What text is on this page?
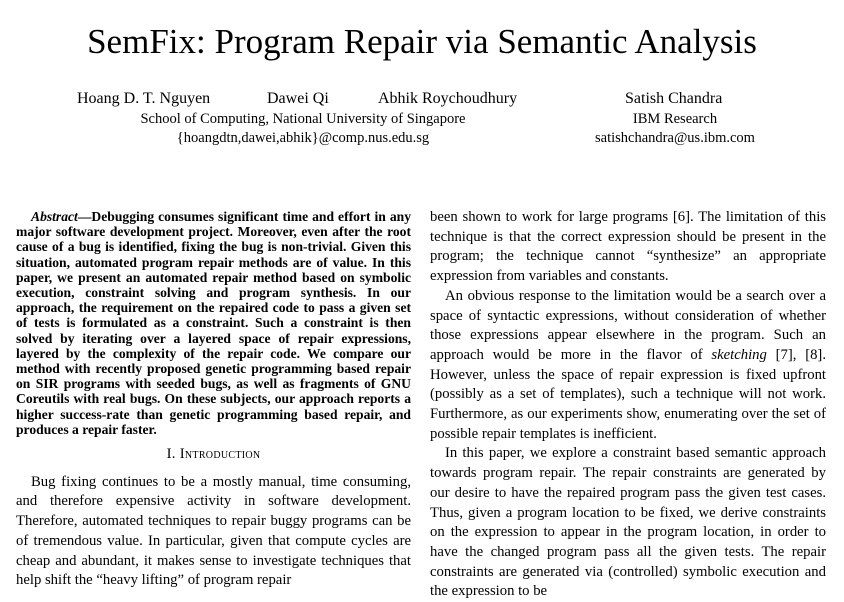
SemFix: Program Repair via Semantic Analysis
Hoang D. T. Nguyen	Dawei Qi	Abhik Roychoudhury	Satish Chandra
School of Computing, National University of Singapore
{hoangdtn,dawei,abhik}@comp.nus.edu.sg
IBM Research
satishchandra@us.ibm.com

Abstract—Debugging consumes significant time and effort in any major software development project. Moreover, even after the root cause of a bug is identified, fixing the bug is non-trivial. Given this situation, automated program repair methods are of value. In this paper, we present an automated repair method based on symbolic execution, constraint solving and program synthesis. In our approach, the requirement on the repaired code to pass a given set of tests is formulated as a constraint. Such a constraint is then solved by iterating over a layered space of repair expressions, layered by the complexity of the repair code. We compare our method with recently proposed genetic programming based repair on SIR programs with seeded bugs, as well as fragments of GNU Coreutils with real bugs. On these subjects, our approach reports a higher success-rate than genetic programming based repair, and produces a repair faster.

I. Introduction

Bug fixing continues to be a mostly manual, time consuming, and therefore expensive activity in software development. Therefore, automated techniques to repair buggy programs can be of tremendous value. In particular, given that compute cycles are cheap and abundant, it makes sense to investigate techniques that help shift the “heavy lifting” of program repair

been shown to work for large programs [6]. The limitation of this technique is that the correct expression should be present in the program; the technique cannot “synthesize” an appropriate expression from variables and constants.

An obvious response to the limitation would be a search over a space of syntactic expressions, without consideration of whether those expressions appear elsewhere in the program. Such an approach would be more in the flavor of sketching [7], [8]. However, unless the space of repair expression is fixed upfront (possibly as a set of templates), such a technique will not work. Furthermore, as our experiments show, enumerating over the set of possible repair templates is inefficient.

In this paper, we explore a constraint based semantic approach towards program repair. The repair constraints are generated by our desire to have the repaired program pass the given test cases. Thus, given a program location to be fixed, we derive constraints on the expression to appear in the program location, in order to have the changed program pass all the given tests. The repair constraints are generated via (controlled) symbolic execution and the expression to be
